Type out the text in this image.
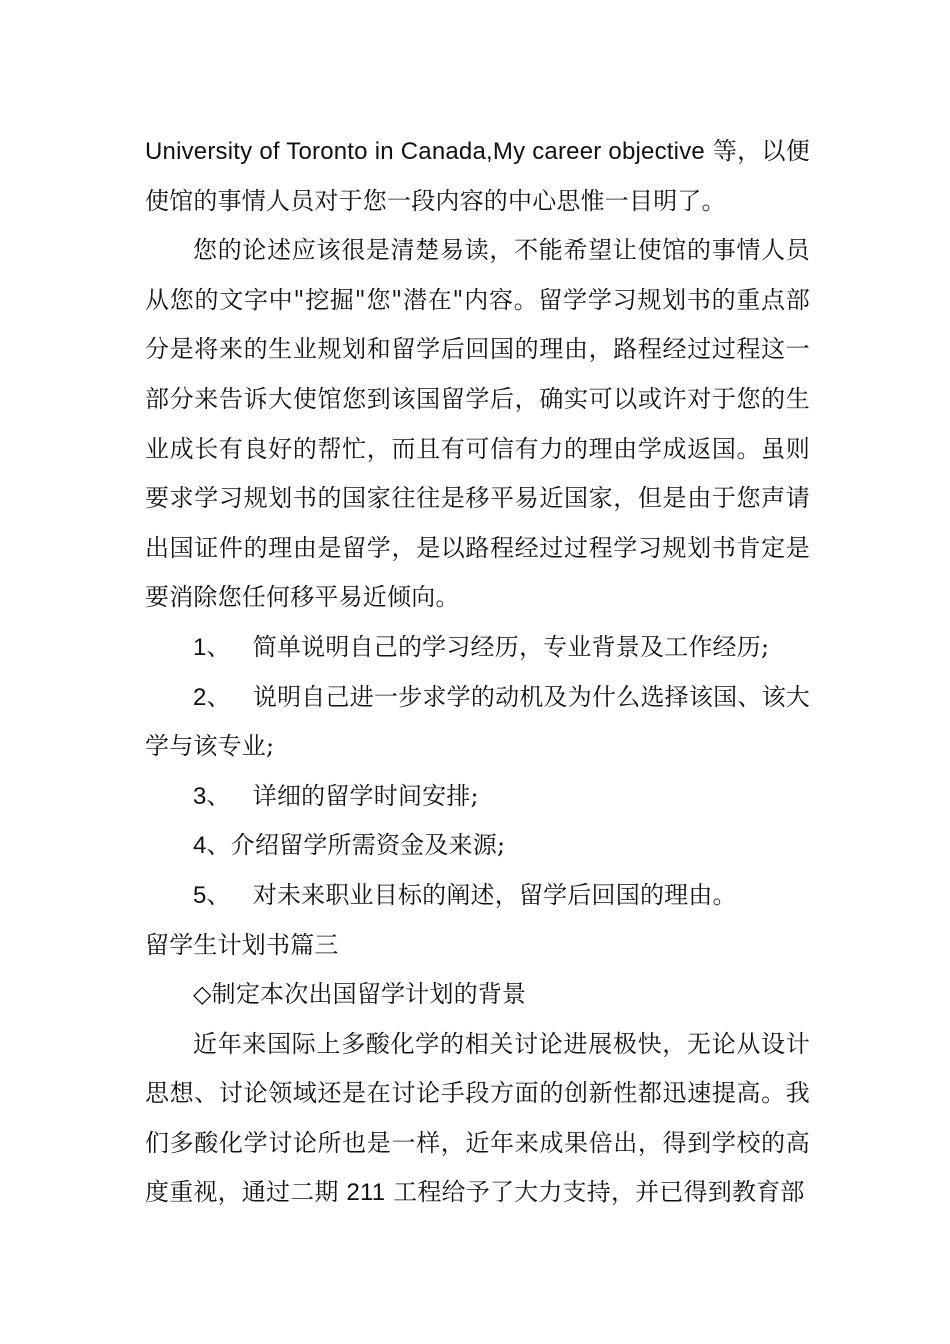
University of Toronto in Canada,My career objective 等，以便使馆的事情人员对于您一段内容的中心思惟一目明了。

您的论述应该很是清楚易读，不能希望让使馆的事情人员从您的文字中"挖掘"您"潜在"内容。留学学习规划书的重点部分是将来的生业规划和留学后回国的理由，路程经过过程这一部分来告诉大使馆您到该国留学后，确实可以或许对于您的生业成长有良好的帮忙，而且有可信有力的理由学成返国。虽则要求学习规划书的国家往往是移平易近国家，但是由于您声请出国证件的理由是留学，是以路程经过过程学习规划书肯定是要消除您任何移平易近倾向。

1、 简单说明自己的学习经历，专业背景及工作经历;

2、 说明自己进一步求学的动机及为什么选择该国、该大学与该专业;

3、 详细的留学时间安排;

4、介绍留学所需资金及来源;

5、 对未来职业目标的阐述，留学后回国的理由。

留学生计划书篇三

◇制定本次出国留学计划的背景

近年来国际上多酸化学的相关讨论进展极快，无论从设计思想、讨论领域还是在讨论手段方面的创新性都迅速提高。我们多酸化学讨论所也是一样，近年来成果倍出，得到学校的高度重视，通过二期 211 工程给予了大力支持，并已得到教育部
